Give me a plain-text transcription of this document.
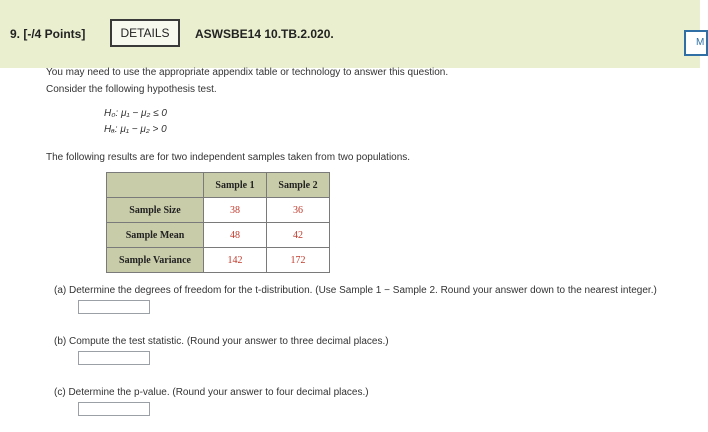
9. [-/4 Points]	DETAILS	ASWSBE14 10.TB.2.020.
M
You may need to use the appropriate appendix table or technology to answer this question.
Consider the following hypothesis test.
H₀: μ₁ − μ₂ ≤ 0
Hₐ: μ₁ − μ₂ > 0
The following results are for two independent samples taken from two populations.
	Sample 1	Sample 2
Sample Size	38	36
Sample Mean	48	42
Sample Variance	142	172
(a) Determine the degrees of freedom for the t-distribution. (Use Sample 1 − Sample 2. Round your answer down to the nearest integer.)
(b) Compute the test statistic. (Round your answer to three decimal places.)
(c) Determine the p-value. (Round your answer to four decimal places.)
